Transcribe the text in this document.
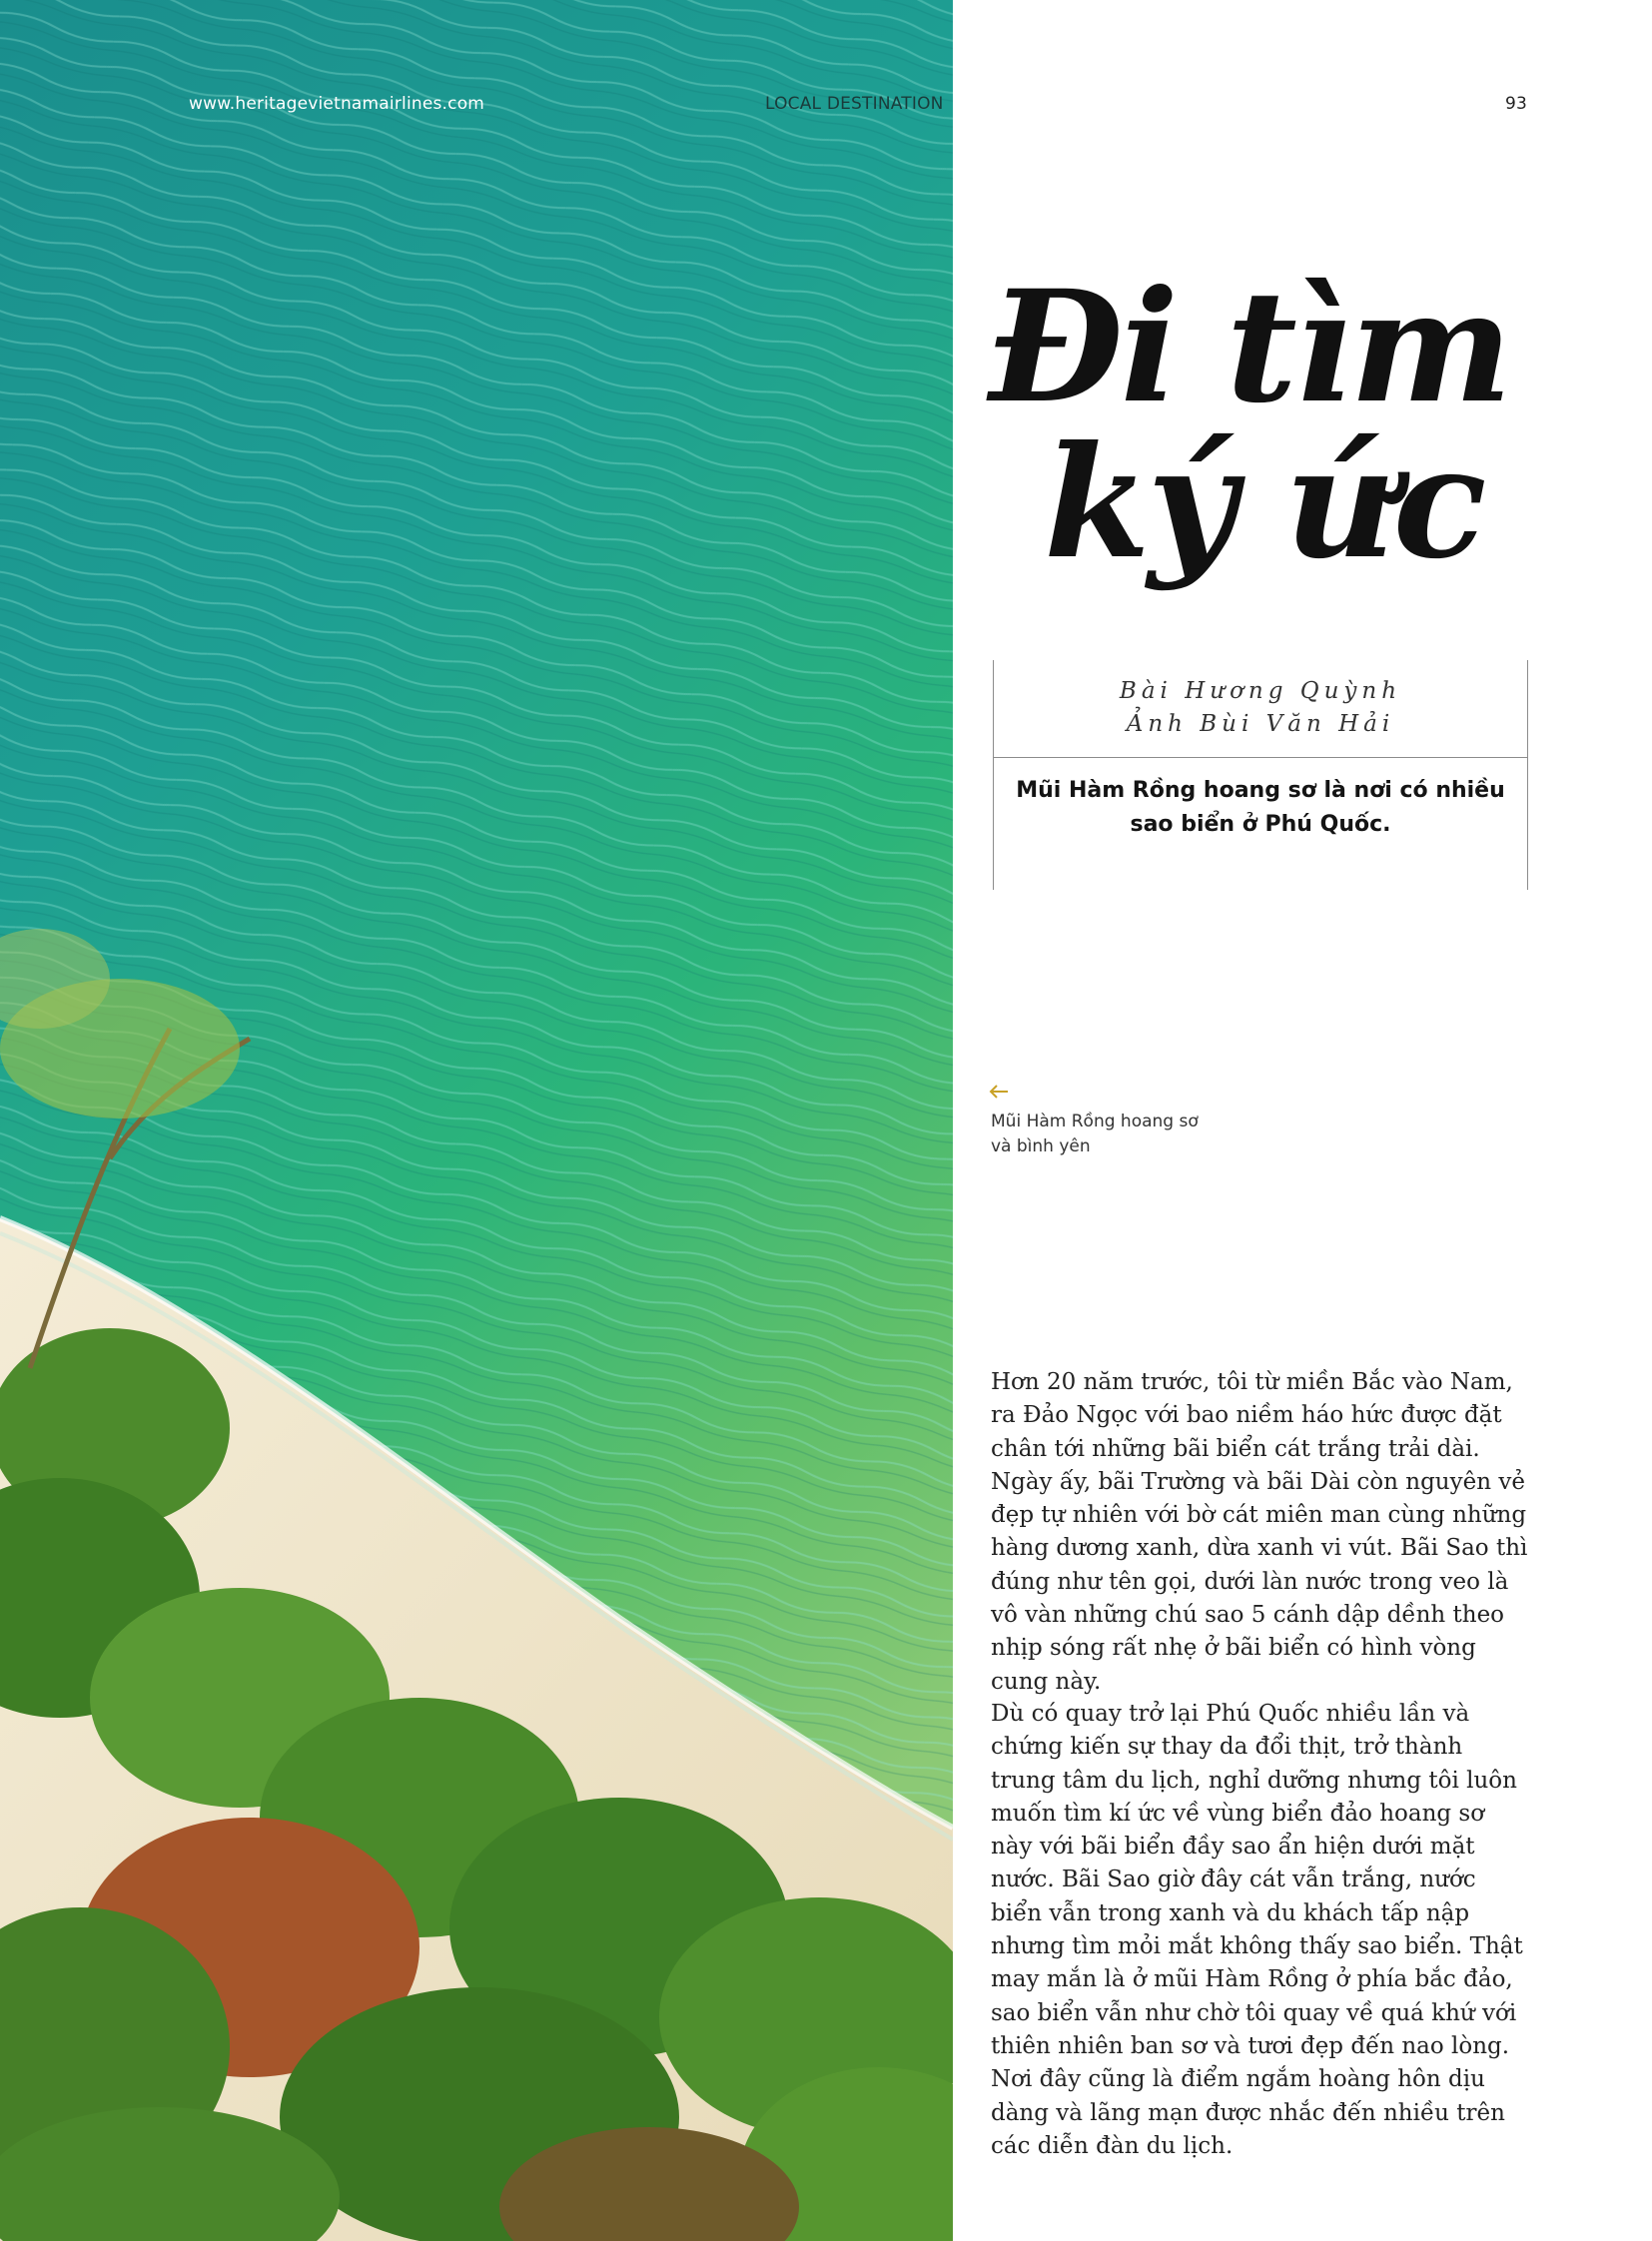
www.heritagevietnamairlines.com	LOCAL DESTINATION	93
Đi tìm
ký ức
Bài Hương Quỳnh
Ảnh Bùi Văn Hải
Mũi Hàm Rồng hoang sơ là nơi có nhiều sao biển ở Phú Quốc.
Mũi Hàm Rồng hoang sơ
và bình yên

Hơn 20 năm trước, tôi từ miền Bắc vào Nam, ra Đảo Ngọc với bao niềm háo hức được đặt chân tới những bãi biển cát trắng trải dài. Ngày ấy, bãi Trường và bãi Dài còn nguyên vẻ đẹp tự nhiên với bờ cát miên man cùng những hàng dương xanh, dừa xanh vi vút. Bãi Sao thì đúng như tên gọi, dưới làn nước trong veo là vô vàn những chú sao 5 cánh dập dềnh theo nhịp sóng rất nhẹ ở bãi biển có hình vòng cung này.

Dù có quay trở lại Phú Quốc nhiều lần và chứng kiến sự thay da đổi thịt, trở thành trung tâm du lịch, nghỉ dưỡng nhưng tôi luôn muốn tìm kí ức về vùng biển đảo hoang sơ này với bãi biển đầy sao ẩn hiện dưới mặt nước. Bãi Sao giờ đây cát vẫn trắng, nước biển vẫn trong xanh và du khách tấp nập nhưng tìm mỏi mắt không thấy sao biển. Thật may mắn là ở mũi Hàm Rồng ở phía bắc đảo, sao biển vẫn như chờ tôi quay về quá khứ với thiên nhiên ban sơ và tươi đẹp đến nao lòng. Nơi đây cũng là điểm ngắm hoàng hôn dịu dàng và lãng mạn được nhắc đến nhiều trên các diễn đàn du lịch.
